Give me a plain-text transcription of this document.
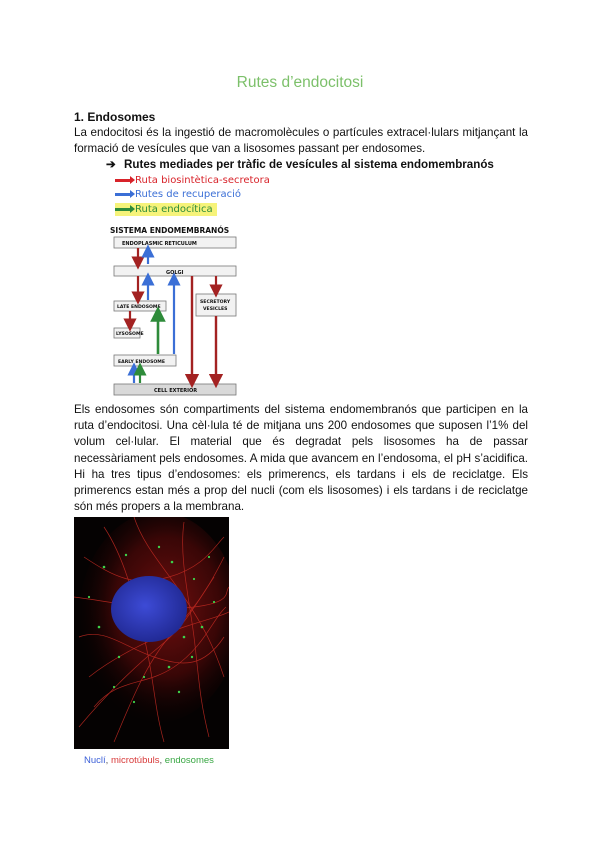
Rutes d’endocitosi
1. Endosomes
La endocitosi és la ingestió de macromolècules o partícules extracel·lulars mitjançant la formació de vesícules que van a lisosomes passant per endosomes.
➔ Rutes mediades per tràfic de vesícules al sistema endomembranós
Ruta biosintètica-secretora
Rutes de recuperació
Ruta endocítica
SISTEMA ENDOMEMBRANÓS
ENDOPLASMIC RETICULUM
GOLGI
LATE ENDOSOME
LYSOSOME
EARLY ENDOSOME
SECRETORY
VESICLES
CELL EXTERIOR
Els endosomes són compartiments del sistema endomembranós que participen en la ruta d’endocitosi. Una cèl·lula té de mitjana uns 200 endosomes que suposen l’1% del volum cel·lular. El material que és degradat pels lisosomes ha de passar necessàriament pels endosomes. A mida que avancem en l’endosoma, el pH s’acidifica. Hi ha tres tipus d’endosomes: els primerencs, els tardans i els de reciclatge. Els primerencs estan més a prop del nucli (com els lisosomes) i els tardans i de reciclatge són més propers a la membrana.
Nuclí, microtúbuls, endosomes
